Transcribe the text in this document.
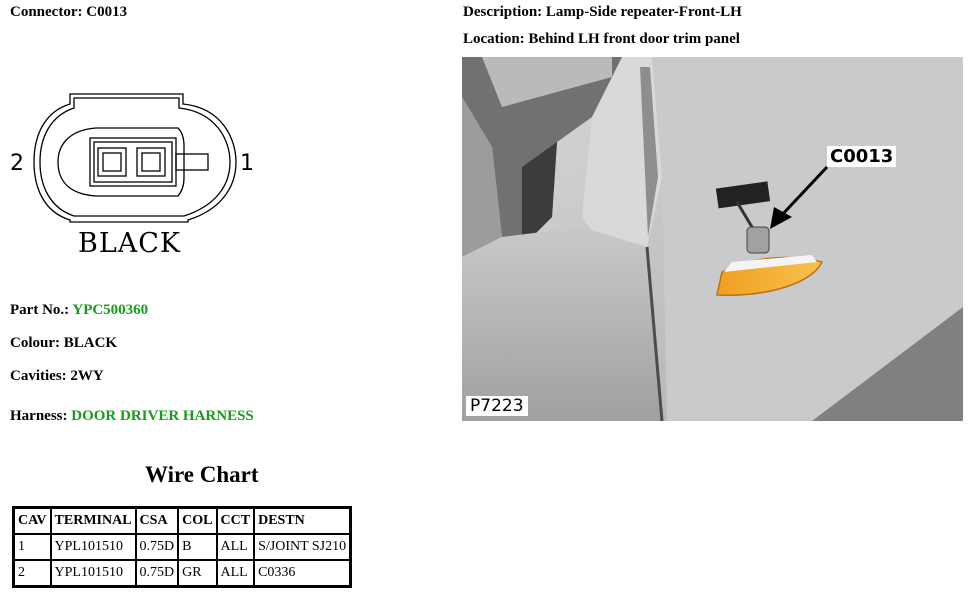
Connector: C0013	Description: Lamp-Side repeater-Front-LH
Location: Behind LH front door trim panel
2	1
BLACK
Part No.: YPC500360
Colour: BLACK
Cavities: 2WY
Harness: DOOR DRIVER HARNESS
C0013
P7223
Wire Chart
CAV	TERMINAL	CSA	COL	CCT	DESTN
1	YPL101510	0.75D	B	ALL	S/JOINT SJ210
2	YPL101510	0.75D	GR	ALL	C0336
